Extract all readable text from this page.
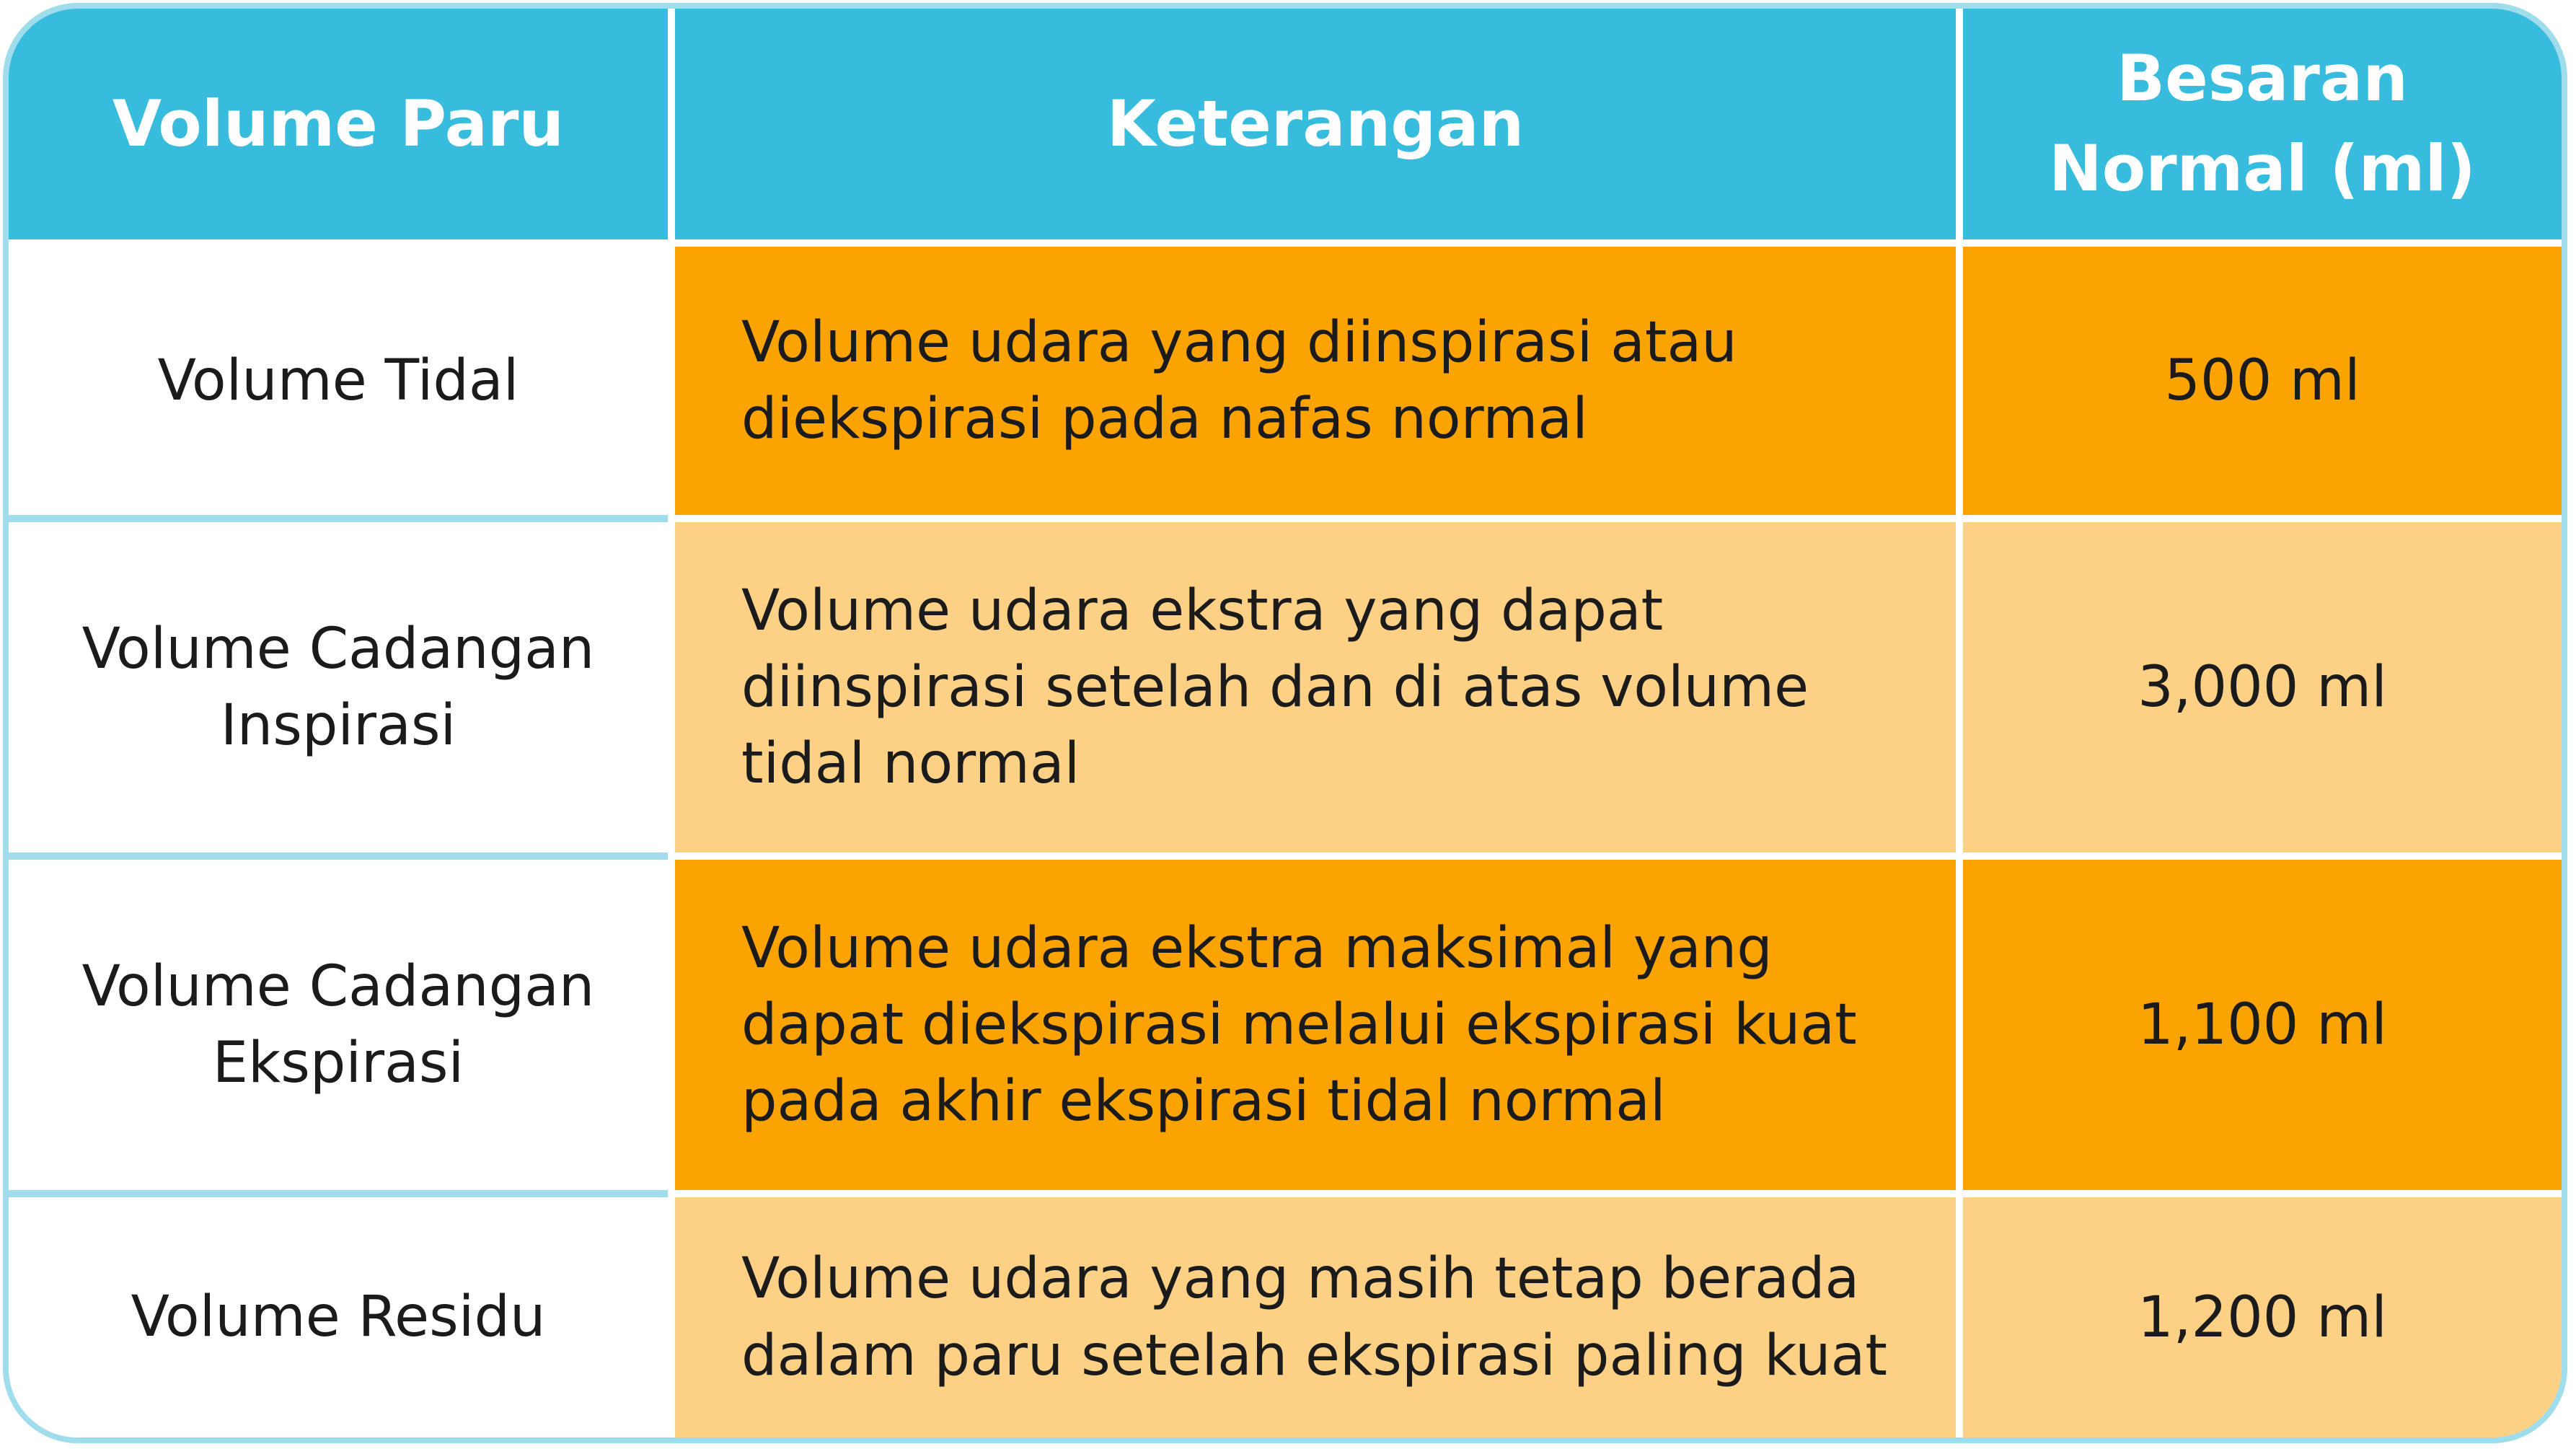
Volume Paru	Keterangan
Besaran
Normal (ml)
Volume Tidal
Volume udara yang diinspirasi atau diekspirasi pada nafas normal
500 ml
Volume Cadangan
Inspirasi
Volume udara ekstra yang dapat diinspirasi setelah dan di atas volume tidal normal
3,000 ml
Volume Cadangan
Ekspirasi
Volume udara ekstra maksimal yang dapat diekspirasi melalui ekspirasi kuat pada akhir ekspirasi tidal normal
1,100 ml
Volume Residu
Volume udara yang masih tetap berada dalam paru setelah ekspirasi paling kuat
1,200 ml
